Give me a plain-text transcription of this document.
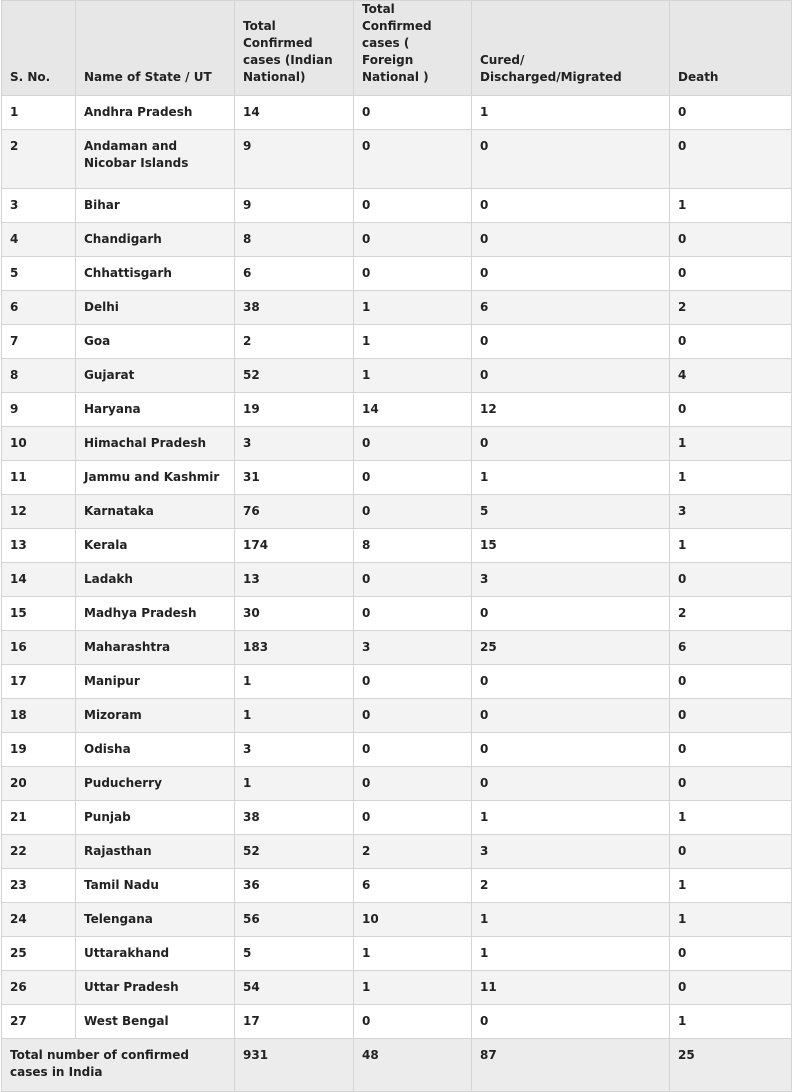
S. No.	Name of State / UT	Total Confirmed cases (Indian National)	Total Confirmed cases ( Foreign National )	Cured/ Discharged/Migrated	Death
1	Andhra Pradesh	14	0	1	0
2	Andaman and Nicobar Islands	9	0	0	0
3	Bihar	9	0	0	1
4	Chandigarh	8	0	0	0
5	Chhattisgarh	6	0	0	0
6	Delhi	38	1	6	2
7	Goa	2	1	0	0
8	Gujarat	52	1	0	4
9	Haryana	19	14	12	0
10	Himachal Pradesh	3	0	0	1
11	Jammu and Kashmir	31	0	1	1
12	Karnataka	76	0	5	3
13	Kerala	174	8	15	1
14	Ladakh	13	0	3	0
15	Madhya Pradesh	30	0	0	2
16	Maharashtra	183	3	25	6
17	Manipur	1	0	0	0
18	Mizoram	1	0	0	0
19	Odisha	3	0	0	0
20	Puducherry	1	0	0	0
21	Punjab	38	0	1	1
22	Rajasthan	52	2	3	0
23	Tamil Nadu	36	6	2	1
24	Telengana	56	10	1	1
25	Uttarakhand	5	1	1	0
26	Uttar Pradesh	54	1	11	0
27	West Bengal	17	0	0	1
Total number of confirmed cases in India		931	48	87	25
